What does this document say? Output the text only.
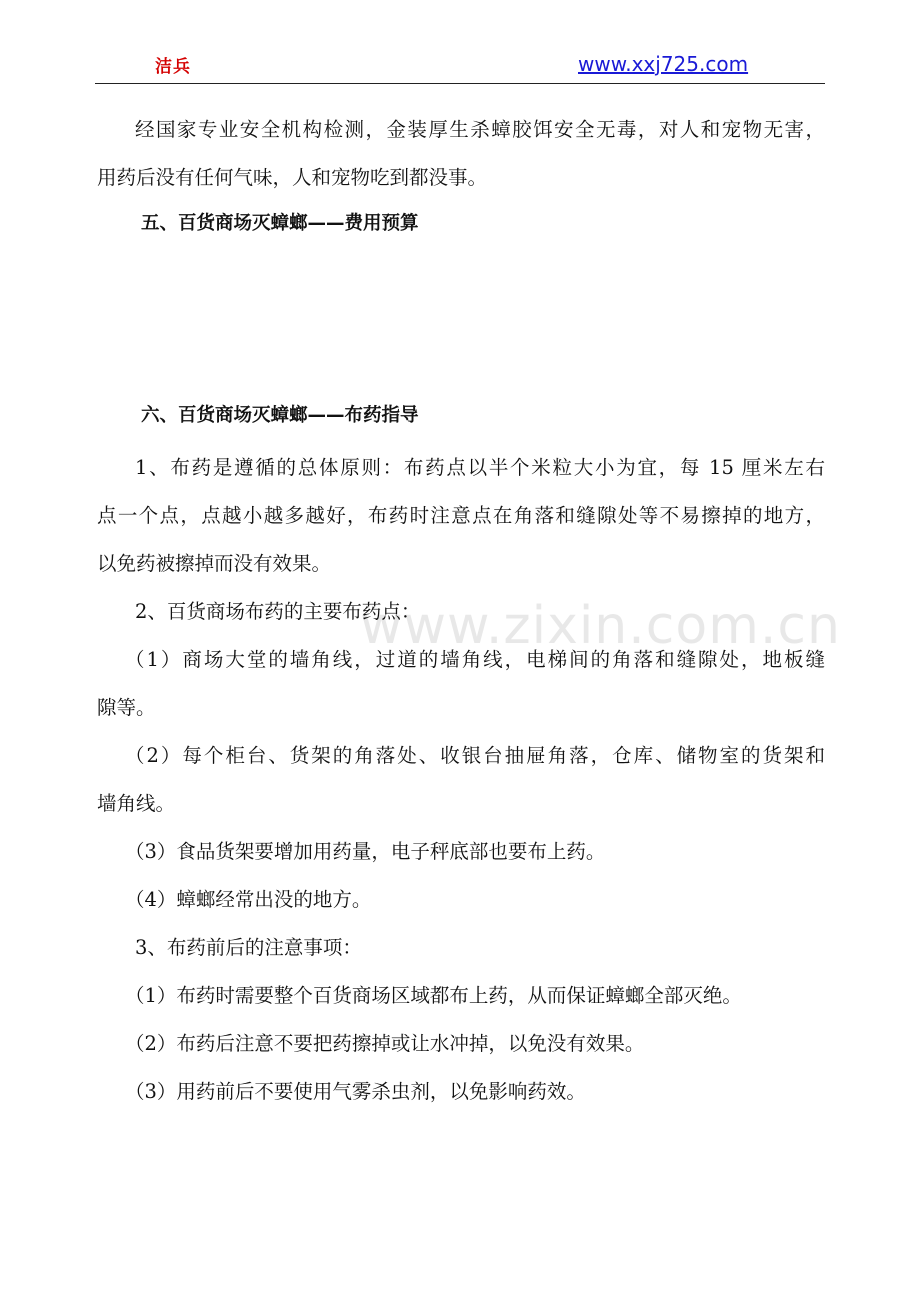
洁兵	www.xxj725.com
www.zixin.com.cn
经国家专业安全机构检测，金装厚生杀蟑胶饵安全无毒，对人和宠物无害，
用药后没有任何气味，人和宠物吃到都没事。
五、百货商场灭蟑螂——费用预算
六、百货商场灭蟑螂——布药指导
1、布药是遵循的总体原则：布药点以半个米粒大小为宜，每 15 厘米左右
点一个点，点越小越多越好，布药时注意点在角落和缝隙处等不易擦掉的地方，
以免药被擦掉而没有效果。
2、百货商场布药的主要布药点：
（1）商场大堂的墙角线，过道的墙角线，电梯间的角落和缝隙处，地板缝
隙等。
（2）每个柜台、货架的角落处、收银台抽屉角落，仓库、储物室的货架和
墙角线。
（3）食品货架要增加用药量，电子秤底部也要布上药。
（4）蟑螂经常出没的地方。
3、布药前后的注意事项：
（1）布药时需要整个百货商场区域都布上药，从而保证蟑螂全部灭绝。
（2）布药后注意不要把药擦掉或让水冲掉，以免没有效果。
（3）用药前后不要使用气雾杀虫剂，以免影响药效。
